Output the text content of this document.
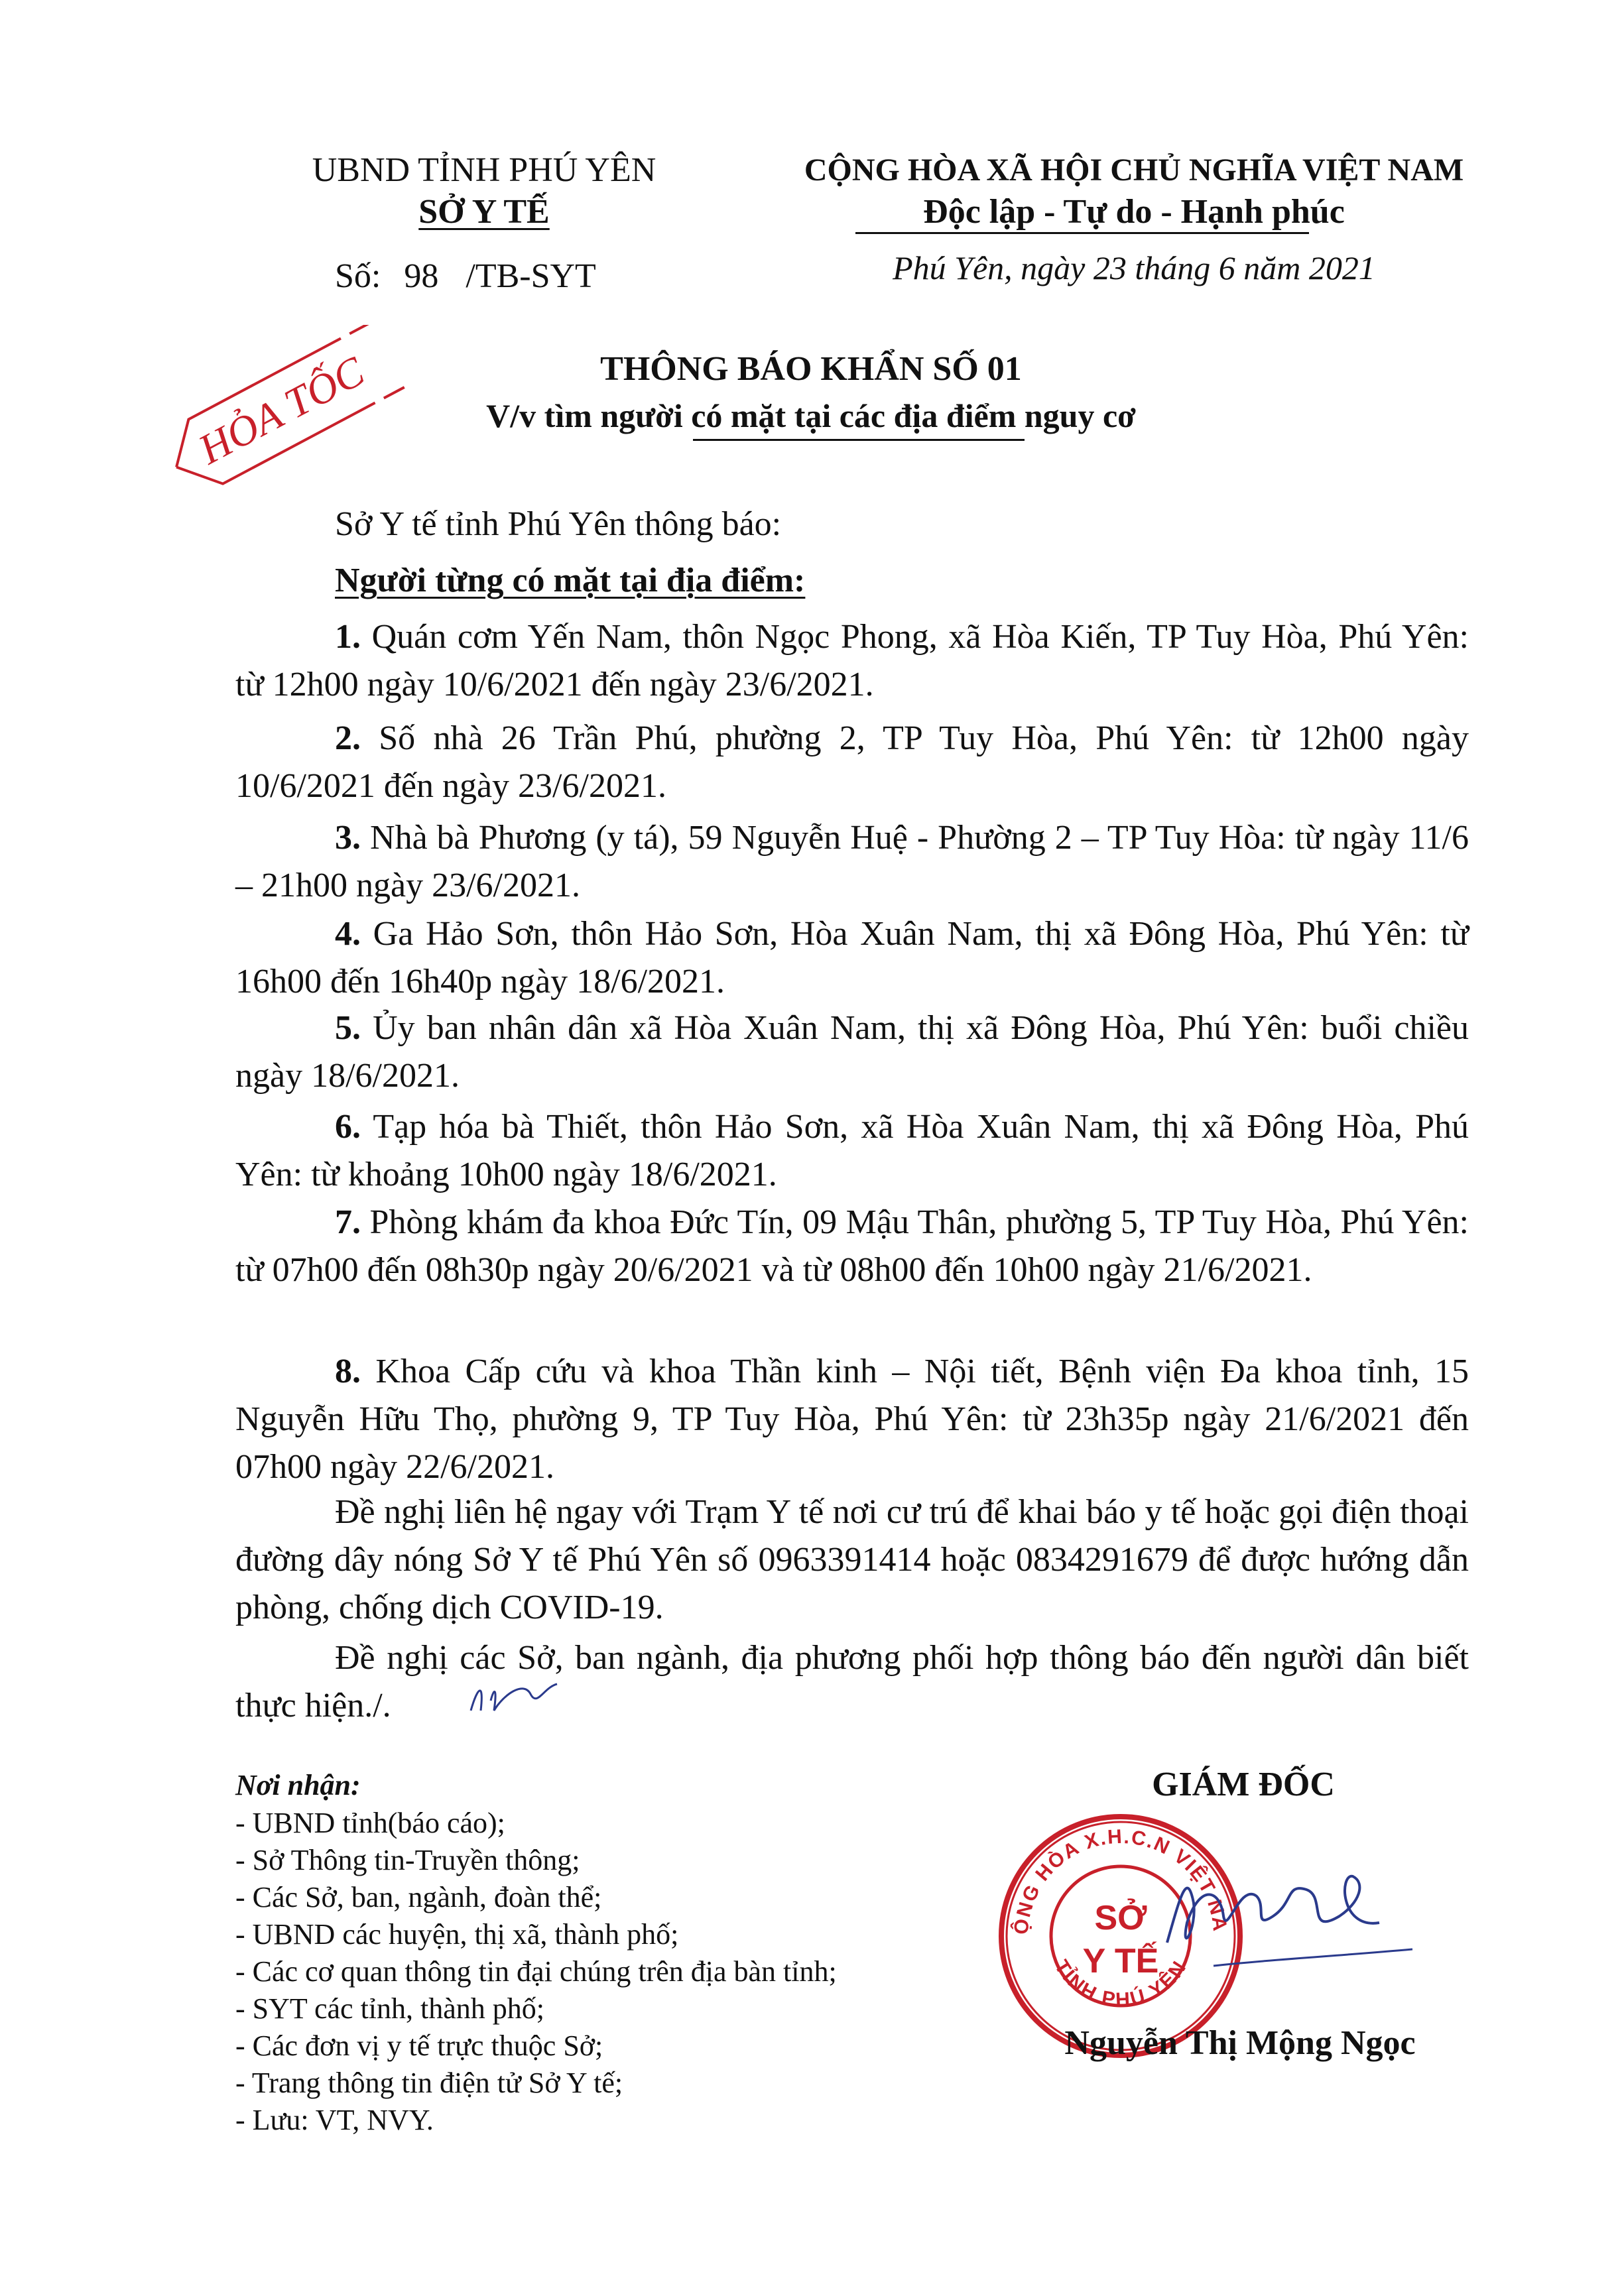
UBND TỈNH PHÚ YÊN
SỞ Y TẾ
Số: 98 /TB-SYT
CỘNG HÒA XÃ HỘI CHỦ NGHĨA VIỆT NAM
Độc lập - Tự do - Hạnh phúc
Phú Yên, ngày 23 tháng 6 năm 2021
HỎA TỐC	THÔNG BÁO KHẨN SỐ 01
V/v tìm người có mặt tại các địa điểm nguy cơ
Sở Y tế tỉnh Phú Yên thông báo:
Người từng có mặt tại địa điểm:
1. Quán cơm Yến Nam, thôn Ngọc Phong, xã Hòa Kiến, TP Tuy Hòa, Phú Yên: từ 12h00 ngày 10/6/2021 đến ngày 23/6/2021.
2. Số nhà 26 Trần Phú, phường 2, TP Tuy Hòa, Phú Yên: từ 12h00 ngày 10/6/2021 đến ngày 23/6/2021.
3. Nhà bà Phương (y tá), 59 Nguyễn Huệ - Phường 2 – TP Tuy Hòa: từ ngày 11/6 – 21h00 ngày 23/6/2021.
4. Ga Hảo Sơn, thôn Hảo Sơn, Hòa Xuân Nam, thị xã Đông Hòa, Phú Yên: từ 16h00 đến 16h40p ngày 18/6/2021.
5. Ủy ban nhân dân xã Hòa Xuân Nam, thị xã Đông Hòa, Phú Yên: buổi chiều ngày 18/6/2021.
6. Tạp hóa bà Thiết, thôn Hảo Sơn, xã Hòa Xuân Nam, thị xã Đông Hòa, Phú Yên: từ khoảng 10h00 ngày 18/6/2021.
7. Phòng khám đa khoa Đức Tín, 09 Mậu Thân, phường 5, TP Tuy Hòa, Phú Yên: từ 07h00 đến 08h30p ngày 20/6/2021 và từ 08h00 đến 10h00 ngày 21/6/2021.
8. Khoa Cấp cứu và khoa Thần kinh – Nội tiết, Bệnh viện Đa khoa tỉnh, 15 Nguyễn Hữu Thọ, phường 9, TP Tuy Hòa, Phú Yên: từ 23h35p ngày 21/6/2021 đến 07h00 ngày 22/6/2021.
Đề nghị liên hệ ngay với Trạm Y tế nơi cư trú để khai báo y tế hoặc gọi điện thoại đường dây nóng Sở Y tế Phú Yên số 0963391414 hoặc 0834291679 để được hướng dẫn phòng, chống dịch COVID-19.
Đề nghị các Sở, ban ngành, địa phương phối hợp thông báo đến người dân biết thực hiện./.
Nơi nhận:
- UBND tỉnh(báo cáo);
- Sở Thông tin-Truyền thông;
- Các Sở, ban, ngành, đoàn thể;
- UBND các huyện, thị xã, thành phố;
- Các cơ quan thông tin đại chúng trên địa bàn tỉnh;
- SYT các tỉnh, thành phố;
- Các đơn vị y tế trực thuộc Sở;
- Trang thông tin điện tử Sở Y tế;
- Lưu: VT, NVY.
GIÁM ĐỐC
ỘNG HÒA X.H.C.N VIỆT NA
TỈNH PHÚ YÊN
SỞ
Y TẾ
Nguyễn Thị Mộng Ngọc
